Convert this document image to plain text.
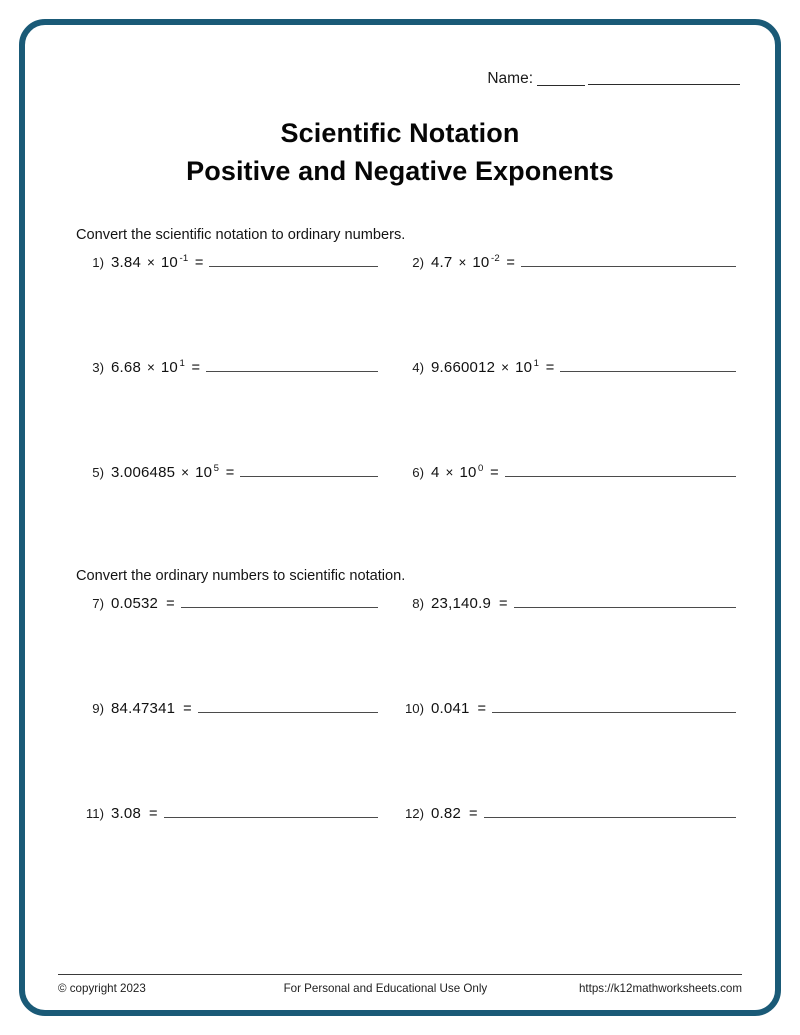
Name:
Scientific Notation
Positive and Negative Exponents
Convert the scientific notation to ordinary numbers.
1) 3.84 × 10 -1 =	2) 4.7 × 10 -2 =
3) 6.68 × 10 1 =	4) 9.660012 × 10 1 =
5) 3.006485 × 10 5 =	6) 4 × 10 0 =
Convert the ordinary numbers to scientific notation.
7) 0.0532 =	8) 23,140.9 =
9) 84.47341 =	10) 0.041 =
11) 3.08 =	12) 0.82 =
© copyright 2023	For Personal and Educational Use Only	https://k12mathworksheets.com
